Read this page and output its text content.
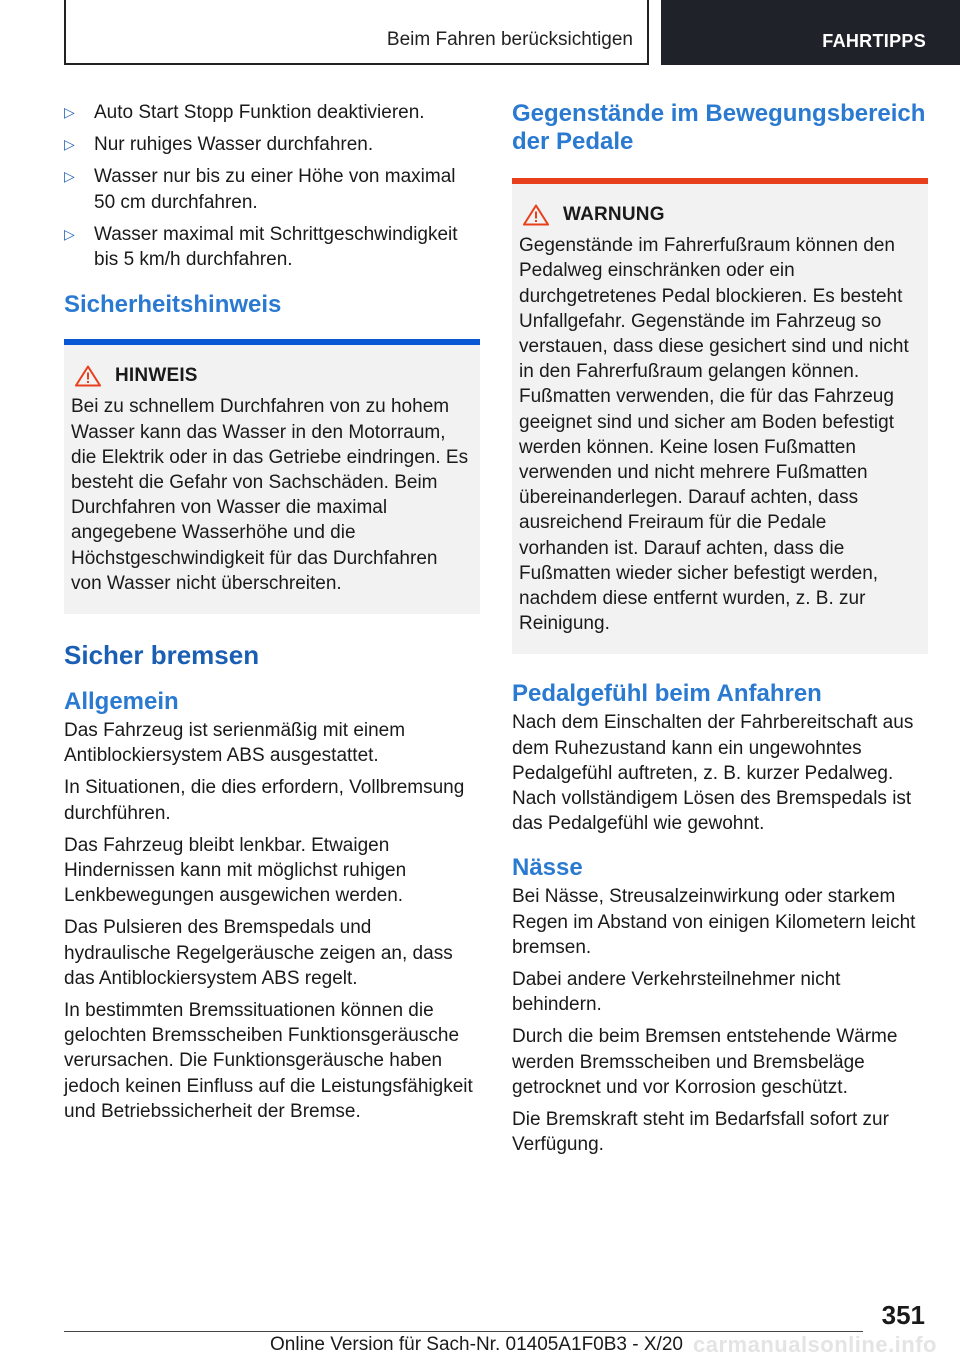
Beim Fahren berücksichtigen	FAHRTIPPS
▷	Auto Start Stopp Funktion deaktivieren.
▷	Nur ruhiges Wasser durchfahren.
▷	Wasser nur bis zu einer Höhe von maximal 50 cm durchfahren.
▷	Wasser maximal mit Schrittgeschwindigkeit bis 5 km/h durchfahren.
Sicherheitshinweis
HINWEIS

Bei zu schnellem Durchfahren von zu hohem Wasser kann das Wasser in den Motorraum, die Elektrik oder in das Getriebe eindringen. Es besteht die Gefahr von Sachschäden. Beim Durchfahren von Wasser die maximal angegebene Wasserhöhe und die Höchstgeschwindigkeit für das Durchfahren von Wasser nicht überschreiten.

Sicher bremsen
Allgemein

Das Fahrzeug ist serienmäßig mit einem Antiblockiersystem ABS ausgestattet.

In Situationen, die dies erfordern, Vollbremsung durchführen.

Das Fahrzeug bleibt lenkbar. Etwaigen Hindernissen kann mit möglichst ruhigen Lenkbewegungen ausgewichen werden.

Das Pulsieren des Bremspedals und hydraulische Regelgeräusche zeigen an, dass das Antiblockiersystem ABS regelt.

In bestimmten Bremssituationen können die gelochten Bremsscheiben Funktionsgeräusche verursachen. Die Funktionsgeräusche haben jedoch keinen Einfluss auf die Leistungsfähigkeit und Betriebssicherheit der Bremse.

Gegenstände im Bewegungsbereich der Pedale
WARNUNG

Gegenstände im Fahrerfußraum können den Pedalweg einschränken oder ein durchgetretenes Pedal blockieren. Es besteht Unfallgefahr. Gegenstände im Fahrzeug so verstauen, dass diese gesichert sind und nicht in den Fahrerfußraum gelangen können. Fußmatten verwenden, die für das Fahrzeug geeignet sind und sicher am Boden befestigt werden können. Keine losen Fußmatten verwenden und nicht mehrere Fußmatten übereinanderlegen. Darauf achten, dass ausreichend Freiraum für die Pedale vorhanden ist. Darauf achten, dass die Fußmatten wieder sicher befestigt werden, nachdem diese entfernt wurden, z. B. zur Reinigung.

Pedalgefühl beim Anfahren

Nach dem Einschalten der Fahrbereitschaft aus dem Ruhezustand kann ein ungewohntes Pedalgefühl auftreten, z. B. kurzer Pedalweg. Nach vollständigem Lösen des Bremspedals ist das Pedalgefühl wie gewohnt.

Nässe

Bei Nässe, Streusalzeinwirkung oder starkem Regen im Abstand von einigen Kilometern leicht bremsen.

Dabei andere Verkehrsteilnehmer nicht behindern.

Durch die beim Bremsen entstehende Wärme werden Bremsscheiben und Bremsbeläge getrocknet und vor Korrosion geschützt.

Die Bremskraft steht im Bedarfsfall sofort zur Verfügung.

351
Online Version für Sach-Nr. 01405A1F0B3 - X/20 carmanualsonline.info
